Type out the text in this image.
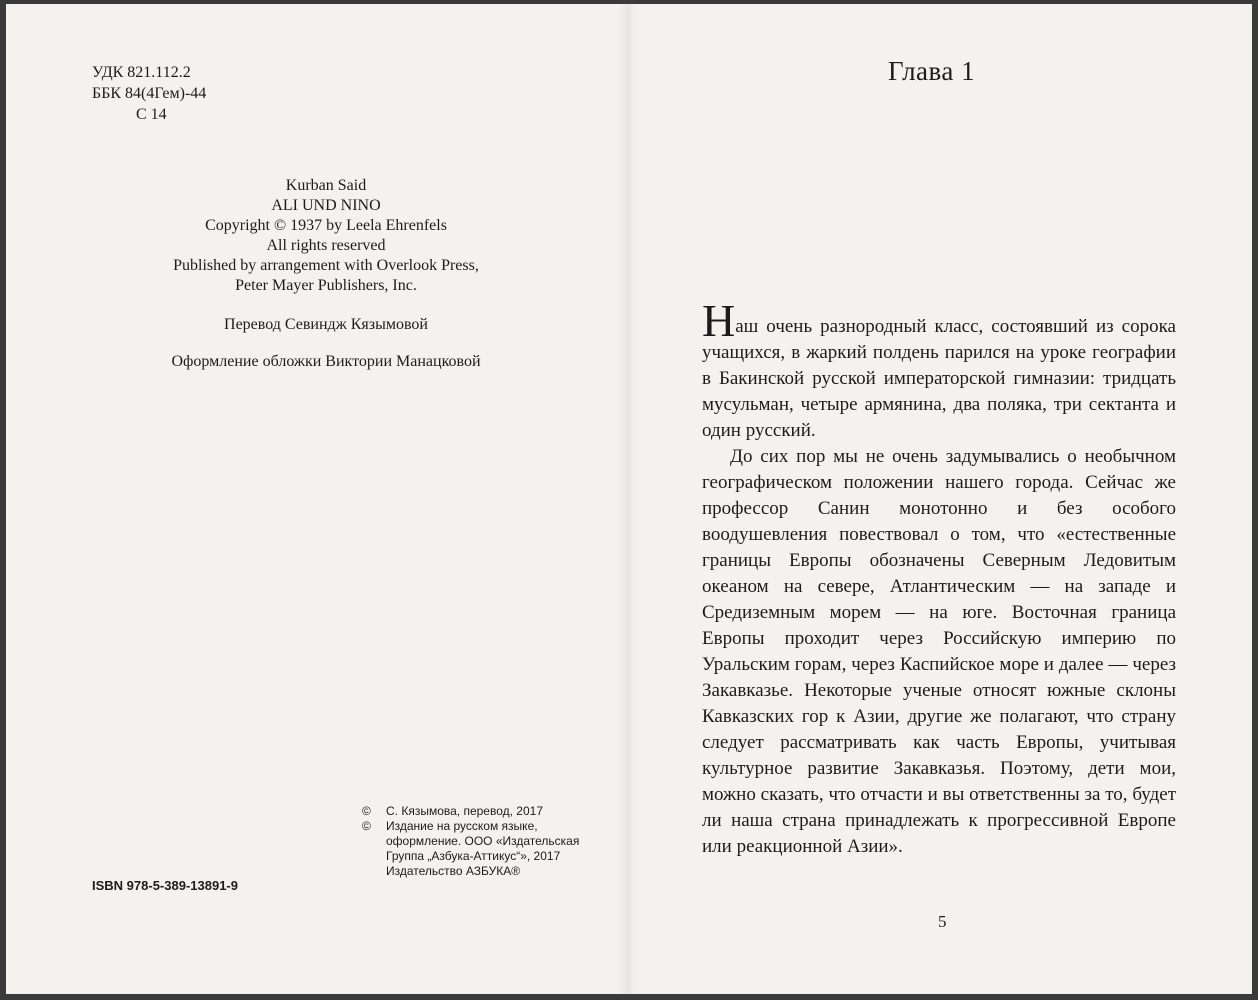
УДК 821.112.2
ББК 84(4Гем)-44
С 14
Kurban Said
ALI UND NINO
Copyright © 1937 by Leela Ehrenfels
All rights reserved
Published by arrangement with Overlook Press,
Peter Mayer Publishers, Inc.
Перевод Севиндж Кязымовой
Оформление обложки Виктории Манацковой
ISBN 978-5-389-13891-9
© С. Кязымова, перевод, 2017
© Издание на русском языке, оформление. ООО «Издательская Группа „Азбука-Аттикус“», 2017 Издательство АЗБУКА®
Глава 1

Наш очень разнородный класс, состоявший из сорока учащихся, в жаркий полдень парился на уроке географии в Бакинской русской императорской гимназии: тридцать мусульман, четыре армянина, два поляка, три сектанта и один русский.

До сих пор мы не очень задумывались о необычном географическом положении нашего города. Сейчас же профессор Санин монотонно и без особого воодушевления повествовал о том, что «естественные границы Европы обозначены Северным Ледовитым океаном на севере, Атлантическим — на западе и Средиземным морем — на юге. Восточная граница Европы проходит через Российскую империю по Уральским горам, через Каспийское море и далее — через Закавказье. Некоторые ученые относят южные склоны Кавказских гор к Азии, другие же полагают, что страну следует рассматривать как часть Европы, учитывая культурное развитие Закавказья. Поэтому, дети мои, можно сказать, что отчасти и вы ответственны за то, будет ли наша страна принадлежать к прогрессивной Европе или реакционной Азии».

5
